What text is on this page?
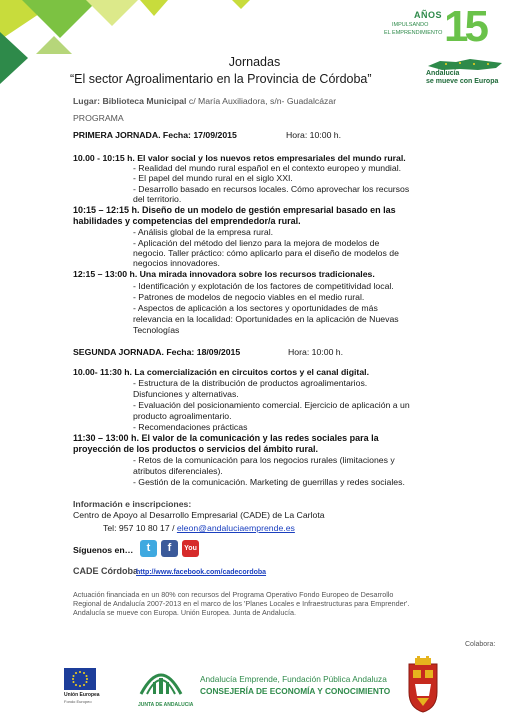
AÑOS
IMPULSANDO
EL EMPRENDIMIENTO 15
Andalucía
se mueve con Europa
Jornadas
“El sector Agroalimentario en la Provincia de Córdoba”
Lugar: Biblioteca Municipal c/ María Auxiliadora, s/n- Guadalcázar
PROGRAMA
PRIMERA JORNADA. Fecha: 17/09/2015	Hora: 10:00 h.
10.00 - 10:15 h. El valor social y los nuevos retos empresariales del mundo rural.
- Realidad del mundo rural español en el contexto europeo y mundial.
- El papel del mundo rural en el siglo XXI.
- Desarrollo basado en recursos locales. Cómo aprovechar los recursos
del territorio.
10:15 – 12:15 h. Diseño de un modelo de gestión empresarial basado en las
habilidades y competencias del emprendedor/a rural.
- Análisis global de la empresa rural.
- Aplicación del método del lienzo para la mejora de modelos de
negocio. Taller práctico: cómo aplicarlo para el diseño de modelos de
negocios innovadores.
12:15 – 13:00 h. Una mirada innovadora sobre los recursos tradicionales.
- Identificación y explotación de los factores de competitividad local.
- Patrones de modelos de negocio viables en el medio rural.
- Aspectos de aplicación a los sectores y oportunidades de más
relevancia en la localidad: Oportunidades en la aplicación de Nuevas
Tecnologías
SEGUNDA JORNADA. Fecha: 18/09/2015	Hora: 10:00 h.
10.00- 11:30 h. La comercialización en circuitos cortos y el canal digital.
- Estructura de la distribución de productos agroalimentarios.
Disfunciones y alternativas.
- Evaluación del posicionamiento comercial. Ejercicio de aplicación a un
producto agroalimentario.
- Recomendaciones prácticas
11:30 – 13:00 h. El valor de la comunicación y las redes sociales para la
proyección de los productos o servicios del ámbito rural.
- Retos de la comunicación para los negocios rurales (limitaciones y
atributos diferenciales).
- Gestión de la comunicación. Marketing de guerrillas y redes sociales.
Información e inscripciones:
Centro de Apoyo al Desarrollo Empresarial (CADE) de La Carlota
Tel: 957 10 80 17 / eleon@andaluciaemprende.es
Síguenos en…	t	f	You
CADE Córdoba
http://www.facebook.com/cadecordoba
Actuación financiada en un 80% con recursos del Programa Operativo Fondo Europeo de Desarrollo
Regional de Andalucía 2007-2013 en el marco de los 'Planes Locales e Infraestructuras para Emprender'.
Andalucía se mueve con Europa. Unión Europea. Junta de Andalucía.
Colabora:
Unión Europea
Fondo Europeo
JUNTA DE ANDALUCIA
Andalucía Emprende, Fundación Pública Andaluza
CONSEJERÍA DE ECONOMÍA Y CONOCIMIENTO
